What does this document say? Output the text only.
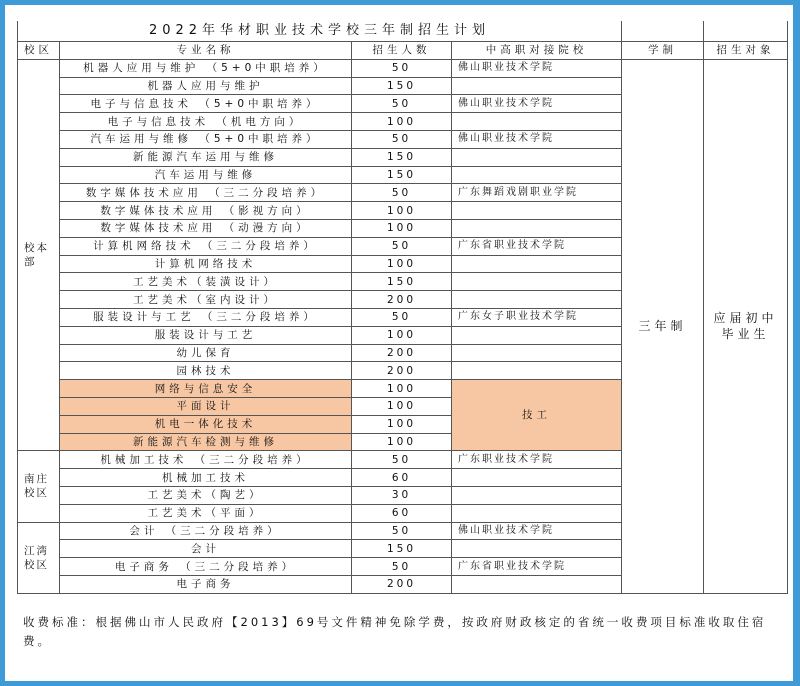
2022年华材职业技术学校三年制招生计划					
校区	专业名称	招生人数	中高职对接院校	学制	招生对象
校本部	机器人应用与维护 （5+0中职培养）	50	佛山职业技术学院	三年制	应届初中毕业生
	机器人应用与维护	150			
	电子与信息技术 （5+0中职培养）	50	佛山职业技术学院		
	电子与信息技术 （机电方向）	100			
	汽车运用与维修 （5+0中职培养）	50	佛山职业技术学院		
	新能源汽车运用与维修	150			
	汽车运用与维修	150			
	数字媒体技术应用 （三二分段培养）	50	广东舞蹈戏剧职业学院		
	数字媒体技术应用 （影视方向）	100			
	数字媒体技术应用 （动漫方向）	100			
	计算机网络技术 （三二分段培养）	50	广东省职业技术学院		
	计算机网络技术	100			
	工艺美术（装潢设计）	150			
	工艺美术（室内设计）	200			
	服装设计与工艺 （三二分段培养）	50	广东女子职业技术学院		
	服装设计与工艺	100			
	幼儿保育	200			
	园林技术	200			
	网络与信息安全	100	技工		
	平面设计	100			
	机电一体化技术	100			
	新能源汽车检测与维修	100			
南庄校区	机械加工技术 （三二分段培养）	50	广东职业技术学院		
	机械加工技术	60			
	工艺美术（陶艺）	30			
	工艺美术（平面）	60			
江湾校区	会计 （三二分段培养）	50	佛山职业技术学院		
	会计	150			
	电子商务 （三二分段培养）	50	广东省职业技术学院		
	电子商务	200			
收费标准：根据佛山市人民政府【2013】69号文件精神免除学费，按政府财政核定的省统一收费项目标准收取住宿费。
